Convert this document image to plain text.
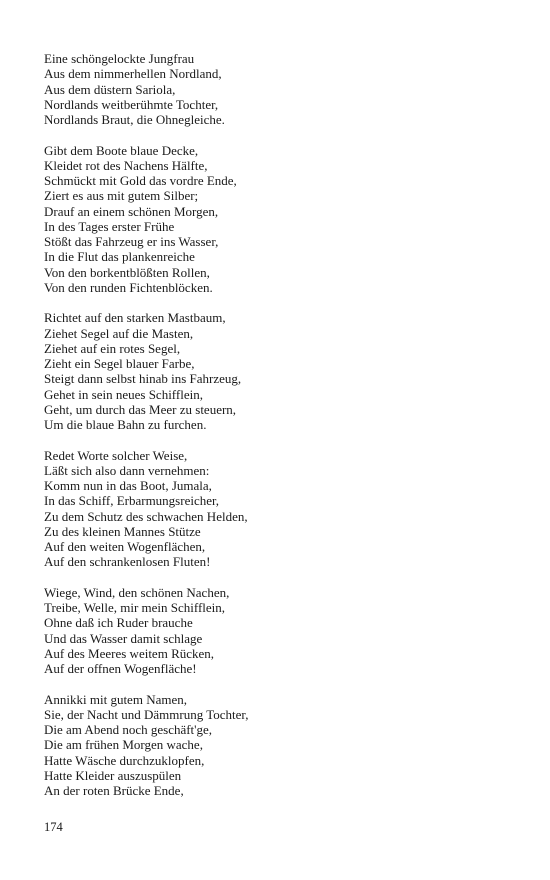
Eine schöngelockte Jungfrau
Aus dem nimmerhellen Nordland,
Aus dem düstern Sariola,
Nordlands weitberühmte Tochter,
Nordlands Braut, die Ohnegleiche.
Gibt dem Boote blaue Decke,
Kleidet rot des Nachens Hälfte,
Schmückt mit Gold das vordre Ende,
Ziert es aus mit gutem Silber;
Drauf an einem schönen Morgen,
In des Tages erster Frühe
Stößt das Fahrzeug er ins Wasser,
In die Flut das plankenreiche
Von den borkentblößten Rollen,
Von den runden Fichtenblöcken.
Richtet auf den starken Mastbaum,
Ziehet Segel auf die Masten,
Ziehet auf ein rotes Segel,
Zieht ein Segel blauer Farbe,
Steigt dann selbst hinab ins Fahrzeug,
Gehet in sein neues Schifflein,
Geht, um durch das Meer zu steuern,
Um die blaue Bahn zu furchen.
Redet Worte solcher Weise,
Läßt sich also dann vernehmen:
Komm nun in das Boot, Jumala,
In das Schiff, Erbarmungsreicher,
Zu dem Schutz des schwachen Helden,
Zu des kleinen Mannes Stütze
Auf den weiten Wogenflächen,
Auf den schrankenlosen Fluten!
Wiege, Wind, den schönen Nachen,
Treibe, Welle, mir mein Schifflein,
Ohne daß ich Ruder brauche
Und das Wasser damit schlage
Auf des Meeres weitem Rücken,
Auf der offnen Wogenfläche!
Annikki mit gutem Namen,
Sie, der Nacht und Dämmrung Tochter,
Die am Abend noch geschäft'ge,
Die am frühen Morgen wache,
Hatte Wäsche durchzuklopfen,
Hatte Kleider auszuspülen
An der roten Brücke Ende,
174
